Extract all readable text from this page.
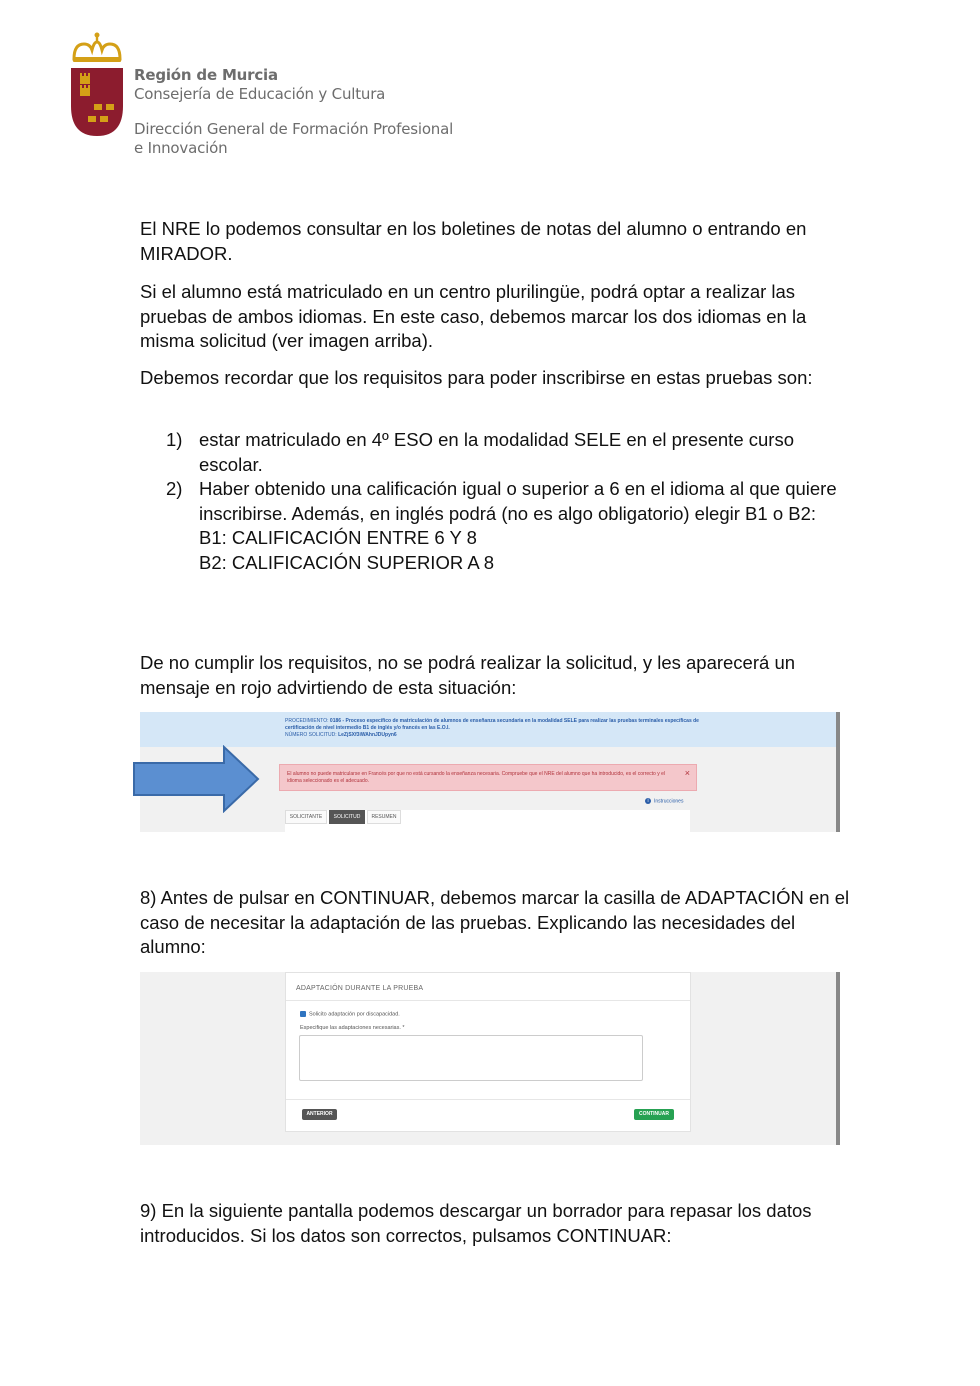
Región de Murcia
Consejería de Educación y Cultura
Dirección General de Formación Profesional
e Innovación

El NRE lo podemos consultar en los boletines de notas del alumno o entrando en MIRADOR.

Si el alumno está matriculado en un centro plurilingüe, podrá optar a realizar las pruebas de ambos idiomas. En este caso, debemos marcar los dos idiomas en la misma solicitud (ver imagen arriba).

Debemos recordar que los requisitos para poder inscribirse en estas pruebas son:

1) estar matriculado en 4º ESO en la modalidad SELE en el presente curso escolar.
2) Haber obtenido una calificación igual o superior a 6 en el idioma al que quiere inscribirse. Además, en inglés podrá (no es algo obligatorio) elegir B1 o B2:
B1: CALIFICACIÓN ENTRE 6 Y 8
B2: CALIFICACIÓN SUPERIOR A 8

De no cumplir los requisitos, no se podrá realizar la solicitud, y les aparecerá un mensaje en rojo advirtiendo de esta situación:

PROCEDIMIENTO: 0186 - Proceso específico de matriculación de alumnos de enseñanza secundaria en la modalidad SELE para realizar las pruebas terminales específicas de certificación de nivel intermedio B1 de inglés y/o francés en las E.O.I.
NÚMERO SOLICITUD: LeZjSXf3iWAhnJDUpyn6
El alumno no puede matricularse en Francés por que no está cursando la enseñanza necesaria. Compruebe que el NRE del alumno que ha introducido, es el correcto y el idioma seleccionado es el adecuado.
×
i Instrucciones
SOLICITANTE	SOLICITUD	RESUMEN

8) Antes de pulsar en CONTINUAR, debemos marcar la casilla de ADAPTACIÓN en el caso de necesitar la adaptación de las pruebas. Explicando las necesidades del alumno:

ADAPTACIÓN DURANTE LA PRUEBA
Solicito adaptación por discapacidad.
Especifique las adaptaciones necesarias. *
ANTERIOR	CONTINUAR

9) En la siguiente pantalla podemos descargar un borrador para repasar los datos introducidos. Si los datos son correctos, pulsamos CONTINUAR:
